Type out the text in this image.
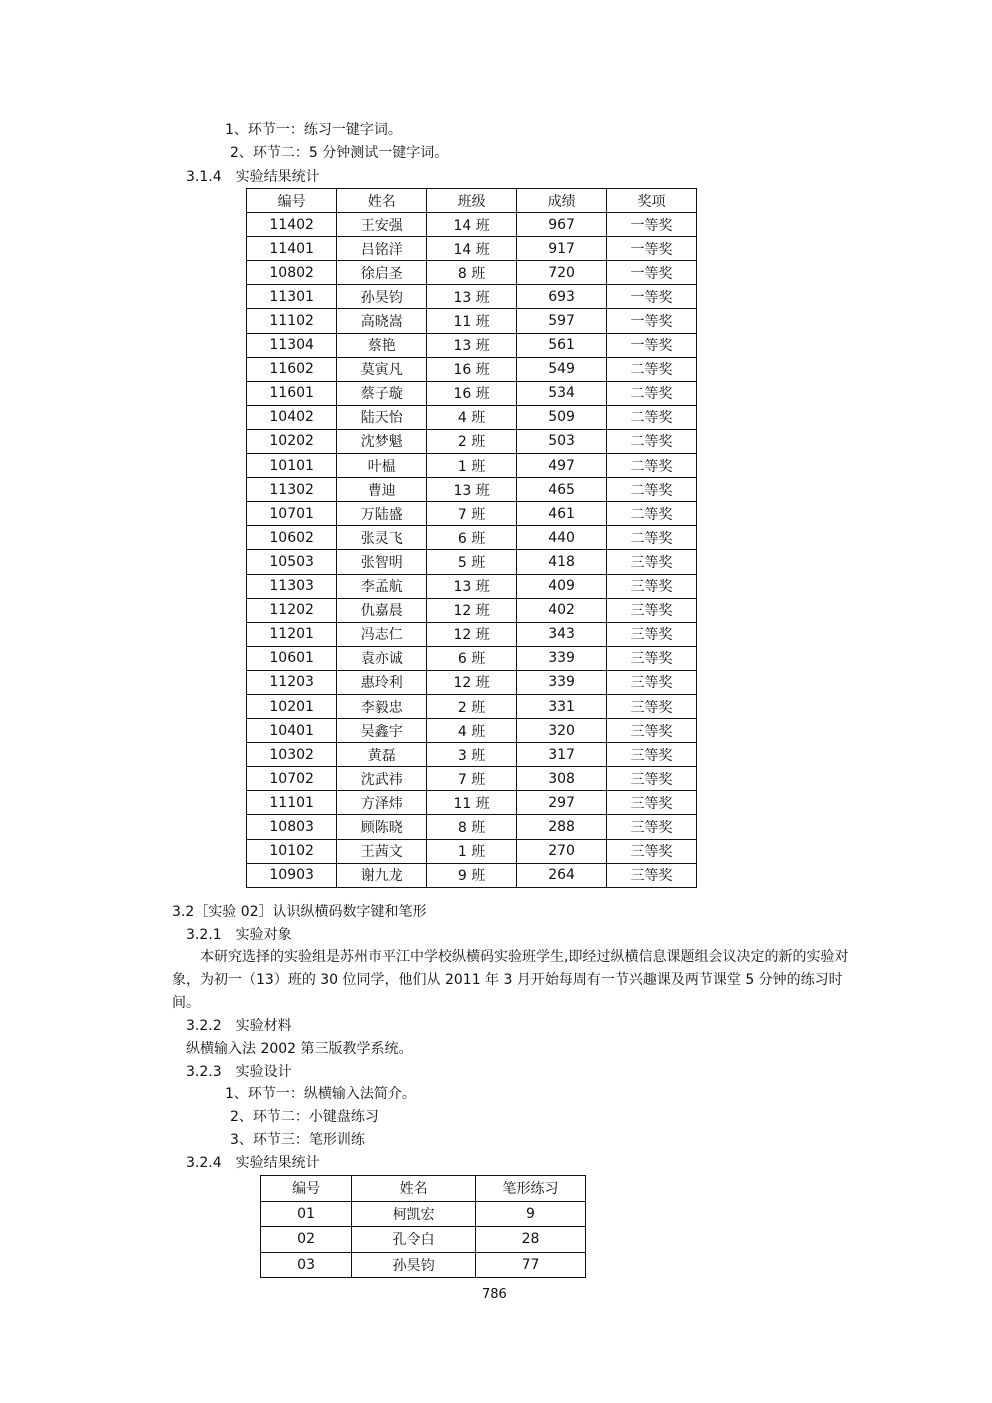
1、环节一：练习一键字词。
2、环节二：5 分钟测试一键字词。
3.1.4　实验结果统计
编号	姓名	班级	成绩	奖项
11402	王安强	14 班	967	一等奖
11401	吕铭洋	14 班	917	一等奖
10802	徐启圣	8 班	720	一等奖
11301	孙昊钧	13 班	693	一等奖
11102	高晓嵩	11 班	597	一等奖
11304	蔡艳	13 班	561	一等奖
11602	莫寅凡	16 班	549	二等奖
11601	蔡子璇	16 班	534	二等奖
10402	陆天怡	4 班	509	二等奖
10202	沈梦魁	2 班	503	二等奖
10101	叶榅	1 班	497	二等奖
11302	曹迪	13 班	465	二等奖
10701	万陆盛	7 班	461	二等奖
10602	张灵飞	6 班	440	二等奖
10503	张智明	5 班	418	三等奖
11303	李孟航	13 班	409	三等奖
11202	仇嘉晨	12 班	402	三等奖
11201	冯志仁	12 班	343	三等奖
10601	袁亦诚	6 班	339	三等奖
11203	惠玲利	12 班	339	三等奖
10201	李毅忠	2 班	331	三等奖
10401	吴鑫宇	4 班	320	三等奖
10302	黄磊	3 班	317	三等奖
10702	沈武祎	7 班	308	三等奖
11101	方泽炜	11 班	297	三等奖
10803	顾陈晓	8 班	288	三等奖
10102	王茜文	1 班	270	三等奖
10903	谢九龙	9 班	264	三等奖
3.2［实验 02］认识纵横码数字键和笔形
3.2.1　实验对象
本研究选择的实验组是苏州市平江中学校纵横码实验班学生,即经过纵横信息课题组会议决定的新的实验对象，为初一（13）班的 30 位同学，他们从 2011 年 3 月开始每周有一节兴趣课及两节课堂 5 分钟的练习时间。
3.2.2　实验材料
纵横输入法 2002 第三版教学系统。
3.2.3　实验设计
1、环节一：纵横输入法简介。
2、环节二：小键盘练习
3、环节三：笔形训练
3.2.4　实验结果统计
编号	姓名	笔形练习
01	柯凯宏	9
02	孔令白	28
03	孙昊钧	77
786
